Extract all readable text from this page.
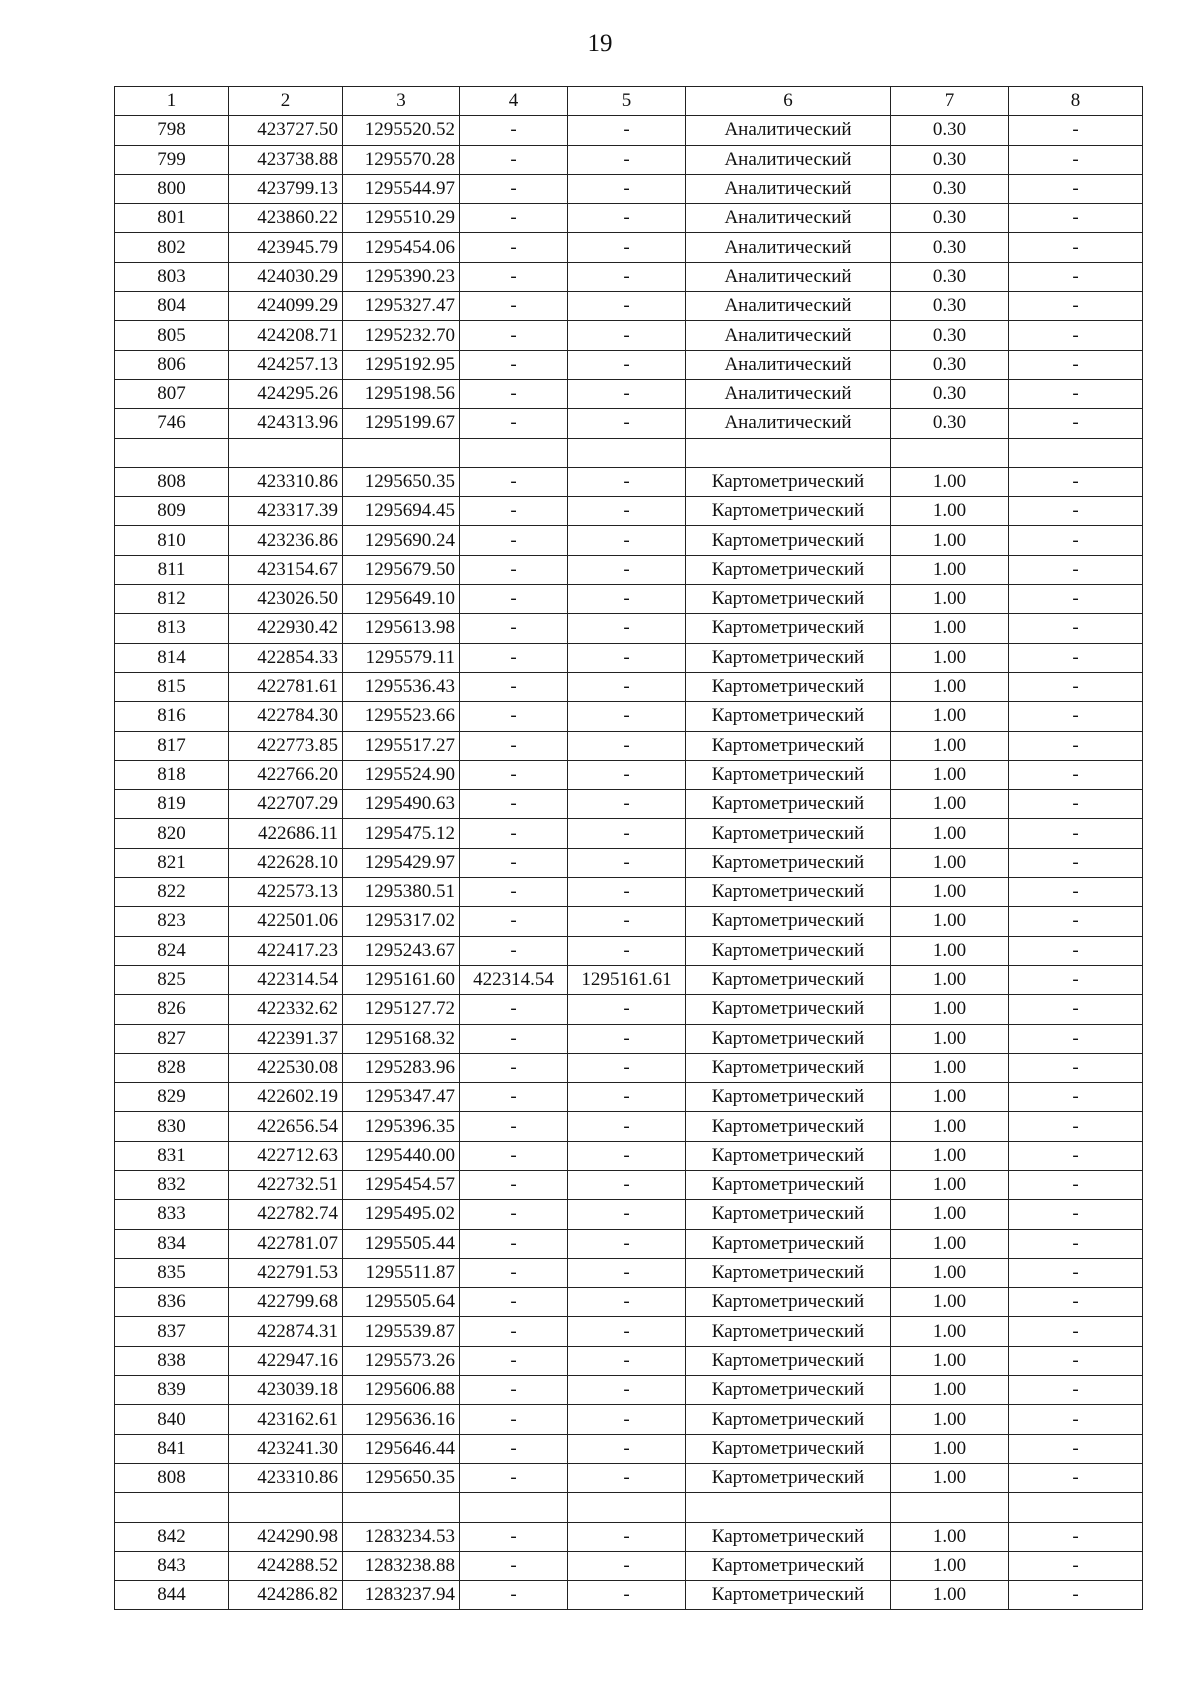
19
1	2	3	4	5	6	7	8
798	423727.50	1295520.52	-	-	Аналитический	0.30	-
799	423738.88	1295570.28	-	-	Аналитический	0.30	-
800	423799.13	1295544.97	-	-	Аналитический	0.30	-
801	423860.22	1295510.29	-	-	Аналитический	0.30	-
802	423945.79	1295454.06	-	-	Аналитический	0.30	-
803	424030.29	1295390.23	-	-	Аналитический	0.30	-
804	424099.29	1295327.47	-	-	Аналитический	0.30	-
805	424208.71	1295232.70	-	-	Аналитический	0.30	-
806	424257.13	1295192.95	-	-	Аналитический	0.30	-
807	424295.26	1295198.56	-	-	Аналитический	0.30	-
746	424313.96	1295199.67	-	-	Аналитический	0.30	-

808	423310.86	1295650.35	-	-	Картометрический	1.00	-
809	423317.39	1295694.45	-	-	Картометрический	1.00	-
810	423236.86	1295690.24	-	-	Картометрический	1.00	-
811	423154.67	1295679.50	-	-	Картометрический	1.00	-
812	423026.50	1295649.10	-	-	Картометрический	1.00	-
813	422930.42	1295613.98	-	-	Картометрический	1.00	-
814	422854.33	1295579.11	-	-	Картометрический	1.00	-
815	422781.61	1295536.43	-	-	Картометрический	1.00	-
816	422784.30	1295523.66	-	-	Картометрический	1.00	-
817	422773.85	1295517.27	-	-	Картометрический	1.00	-
818	422766.20	1295524.90	-	-	Картометрический	1.00	-
819	422707.29	1295490.63	-	-	Картометрический	1.00	-
820	422686.11	1295475.12	-	-	Картометрический	1.00	-
821	422628.10	1295429.97	-	-	Картометрический	1.00	-
822	422573.13	1295380.51	-	-	Картометрический	1.00	-
823	422501.06	1295317.02	-	-	Картометрический	1.00	-
824	422417.23	1295243.67	-	-	Картометрический	1.00	-
825	422314.54	1295161.60	422314.54	1295161.61	Картометрический	1.00	-
826	422332.62	1295127.72	-	-	Картометрический	1.00	-
827	422391.37	1295168.32	-	-	Картометрический	1.00	-
828	422530.08	1295283.96	-	-	Картометрический	1.00	-
829	422602.19	1295347.47	-	-	Картометрический	1.00	-
830	422656.54	1295396.35	-	-	Картометрический	1.00	-
831	422712.63	1295440.00	-	-	Картометрический	1.00	-
832	422732.51	1295454.57	-	-	Картометрический	1.00	-
833	422782.74	1295495.02	-	-	Картометрический	1.00	-
834	422781.07	1295505.44	-	-	Картометрический	1.00	-
835	422791.53	1295511.87	-	-	Картометрический	1.00	-
836	422799.68	1295505.64	-	-	Картометрический	1.00	-
837	422874.31	1295539.87	-	-	Картометрический	1.00	-
838	422947.16	1295573.26	-	-	Картометрический	1.00	-
839	423039.18	1295606.88	-	-	Картометрический	1.00	-
840	423162.61	1295636.16	-	-	Картометрический	1.00	-
841	423241.30	1295646.44	-	-	Картометрический	1.00	-
808	423310.86	1295650.35	-	-	Картометрический	1.00	-

842	424290.98	1283234.53	-	-	Картометрический	1.00	-
843	424288.52	1283238.88	-	-	Картометрический	1.00	-
844	424286.82	1283237.94	-	-	Картометрический	1.00	-
